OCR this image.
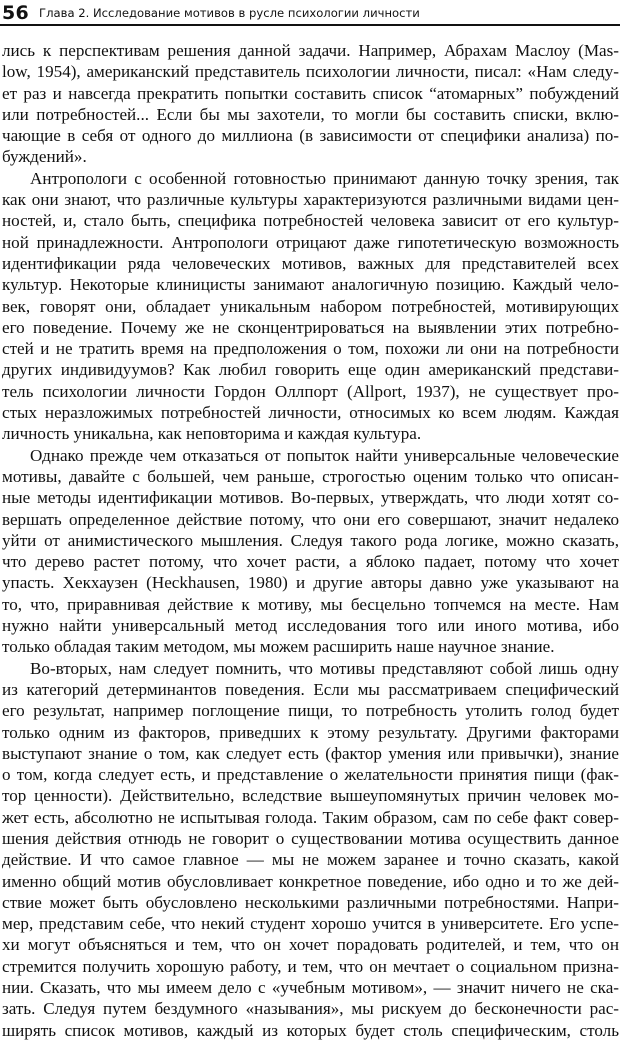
56 Глава 2. Исследование мотивов в русле психологии личности
лись к перспективам решения данной задачи. Например, Абрахам Маслоу (Mas-
low, 1954), американский представитель психологии личности, писал: «Нам следу-
ет раз и навсегда прекратить попытки составить список “атомарных” побуждений
или потребностей... Если бы мы захотели, то могли бы составить списки, вклю-
чающие в себя от одного до миллиона (в зависимости от специфики анализа) по-
буждений».
Антропологи с особенной готовностью принимают данную точку зрения, так
как они знают, что различные культуры характеризуются различными видами цен-
ностей, и, стало быть, специфика потребностей человека зависит от его культур-
ной принадлежности. Антропологи отрицают даже гипотетическую возможность
идентификации ряда человеческих мотивов, важных для представителей всех
культур. Некоторые клиницисты занимают аналогичную позицию. Каждый чело-
век, говорят они, обладает уникальным набором потребностей, мотивирующих
его поведение. Почему же не сконцентрироваться на выявлении этих потребно-
стей и не тратить время на предположения о том, похожи ли они на потребности
других индивидуумов? Как любил говорить еще один американский представи-
тель психологии личности Гордон Оллпорт (Allport, 1937), не существует про-
стых неразложимых потребностей личности, относимых ко всем людям. Каждая
личность уникальна, как неповторима и каждая культура.
Однако прежде чем отказаться от попыток найти универсальные человеческие
мотивы, давайте с большей, чем раньше, строгостью оценим только что описан-
ные методы идентификации мотивов. Во-первых, утверждать, что люди хотят со-
вершать определенное действие потому, что они его совершают, значит недалеко
уйти от анимистического мышления. Следуя такого рода логике, можно сказать,
что дерево растет потому, что хочет расти, а яблоко падает, потому что хочет
упасть. Хекхаузен (Heckhausen, 1980) и другие авторы давно уже указывают на
то, что, приравнивая действие к мотиву, мы бесцельно топчемся на месте. Нам
нужно найти универсальный метод исследования того или иного мотива, ибо
только обладая таким методом, мы можем расширить наше научное знание.
Во-вторых, нам следует помнить, что мотивы представляют собой лишь одну
из категорий детерминантов поведения. Если мы рассматриваем специфический
его результат, например поглощение пищи, то потребность утолить голод будет
только одним из факторов, приведших к этому результату. Другими факторами
выступают знание о том, как следует есть (фактор умения или привычки), знание
о том, когда следует есть, и представление о желательности принятия пищи (фак-
тор ценности). Действительно, вследствие вышеупомянутых причин человек мо-
жет есть, абсолютно не испытывая голода. Таким образом, сам по себе факт совер-
шения действия отнюдь не говорит о существовании мотива осуществить данное
действие. И что самое главное — мы не можем заранее и точно сказать, какой
именно общий мотив обусловливает конкретное поведение, ибо одно и то же дей-
ствие может быть обусловлено несколькими различными потребностями. Напри-
мер, представим себе, что некий студент хорошо учится в университете. Его успе-
хи могут объясняться и тем, что он хочет порадовать родителей, и тем, что он
стремится получить хорошую работу, и тем, что он мечтает о социальном призна-
нии. Сказать, что мы имеем дело с «учебным мотивом», — значит ничего не ска-
зать. Следуя путем бездумного «называния», мы рискуем до бесконечности рас-
ширять список мотивов, каждый из которых будет столь специфическим, столь
